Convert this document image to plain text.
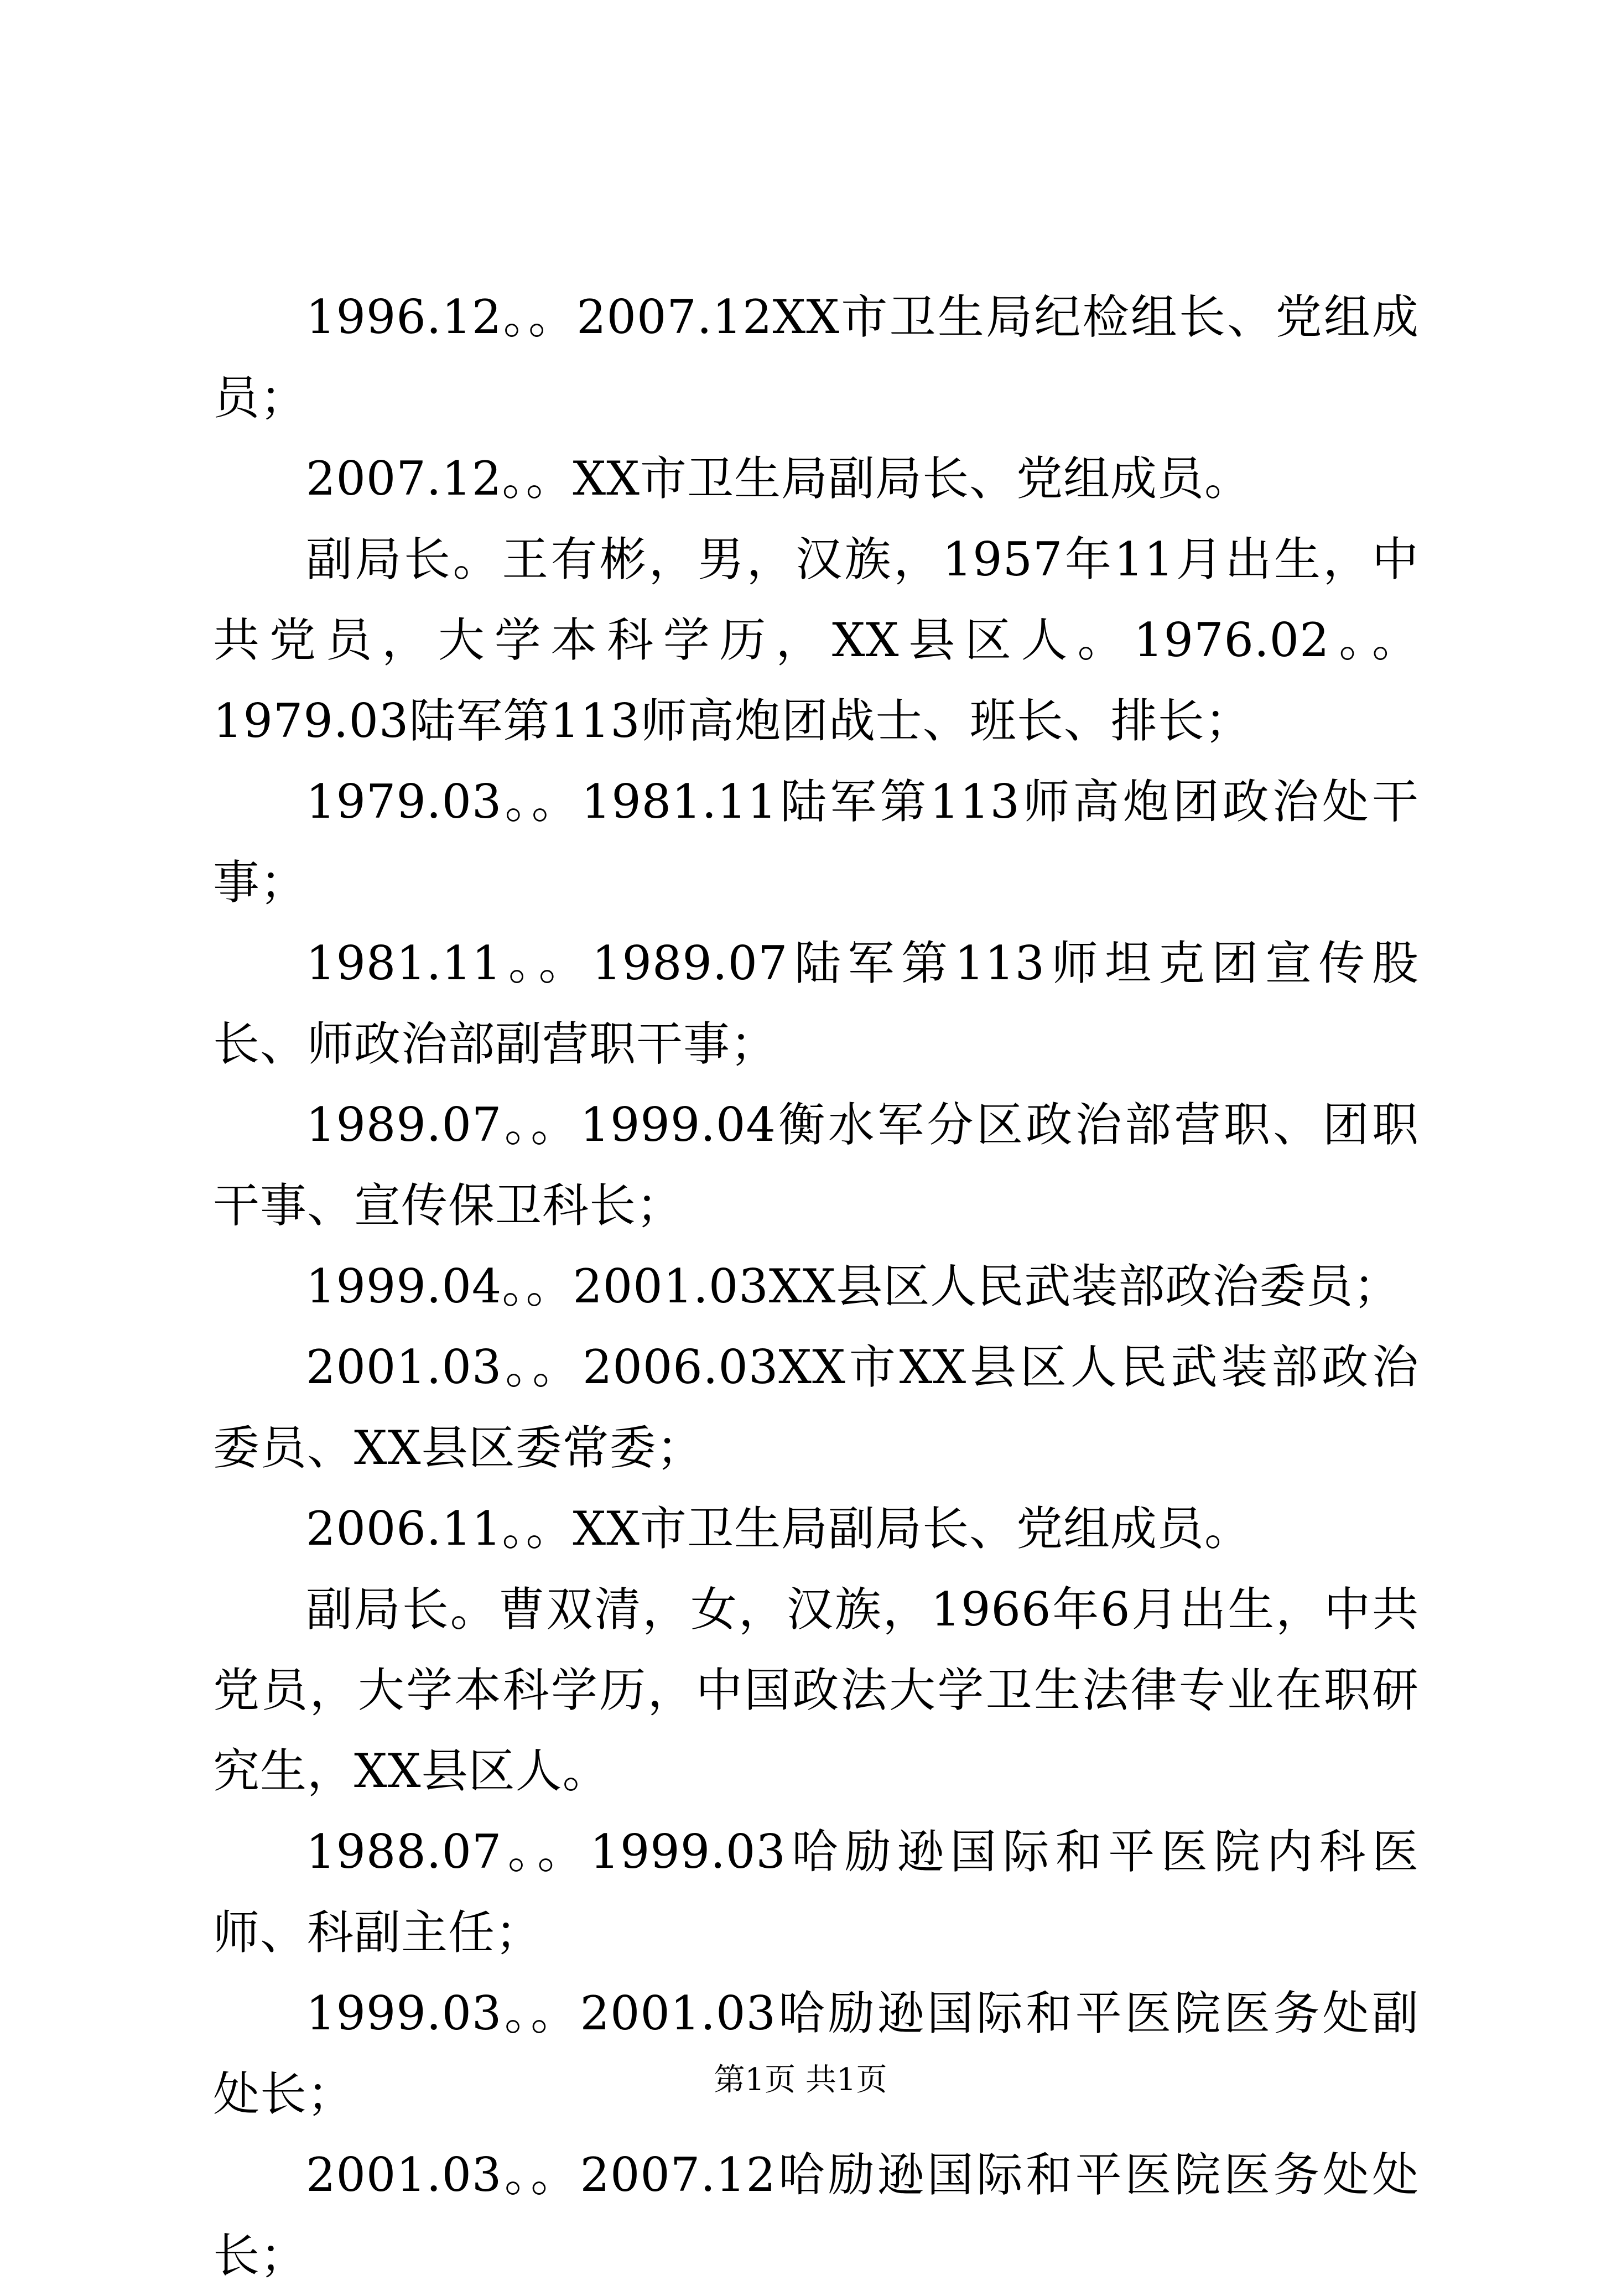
1996.12。。2007.12XX市卫生局纪检组长、党组成员；

2007.12。。XX市卫生局副局长、党组成员。

副局长。王有彬，男，汉族，1957年11月出生，中共党员，大学本科学历，XX县区人。1976.02。。1979.03陆军第113师高炮团战士、班长、排长；

1979.03。。1981.11陆军第113师高炮团政治处干事；

1981.11。。1989.07陆军第113师坦克团宣传股长、师政治部副营职干事；

1989.07。。1999.04衡水军分区政治部营职、团职干事、宣传保卫科长；

1999.04。。2001.03XX县区人民武装部政治委员；

2001.03。。2006.03XX市XX县区人民武装部政治委员、XX县区委常委；

2006.11。。XX市卫生局副局长、党组成员。

副局长。曹双清，女，汉族，1966年6月出生，中共党员，大学本科学历，中国政法大学卫生法律专业在职研究生，XX县区人。

1988.07。。1999.03哈励逊国际和平医院内科医师、科副主任；

1999.03。。2001.03哈励逊国际和平医院医务处副处长；

2001.03。。2007.12哈励逊国际和平医院医务处处长；

第1页 共1页
